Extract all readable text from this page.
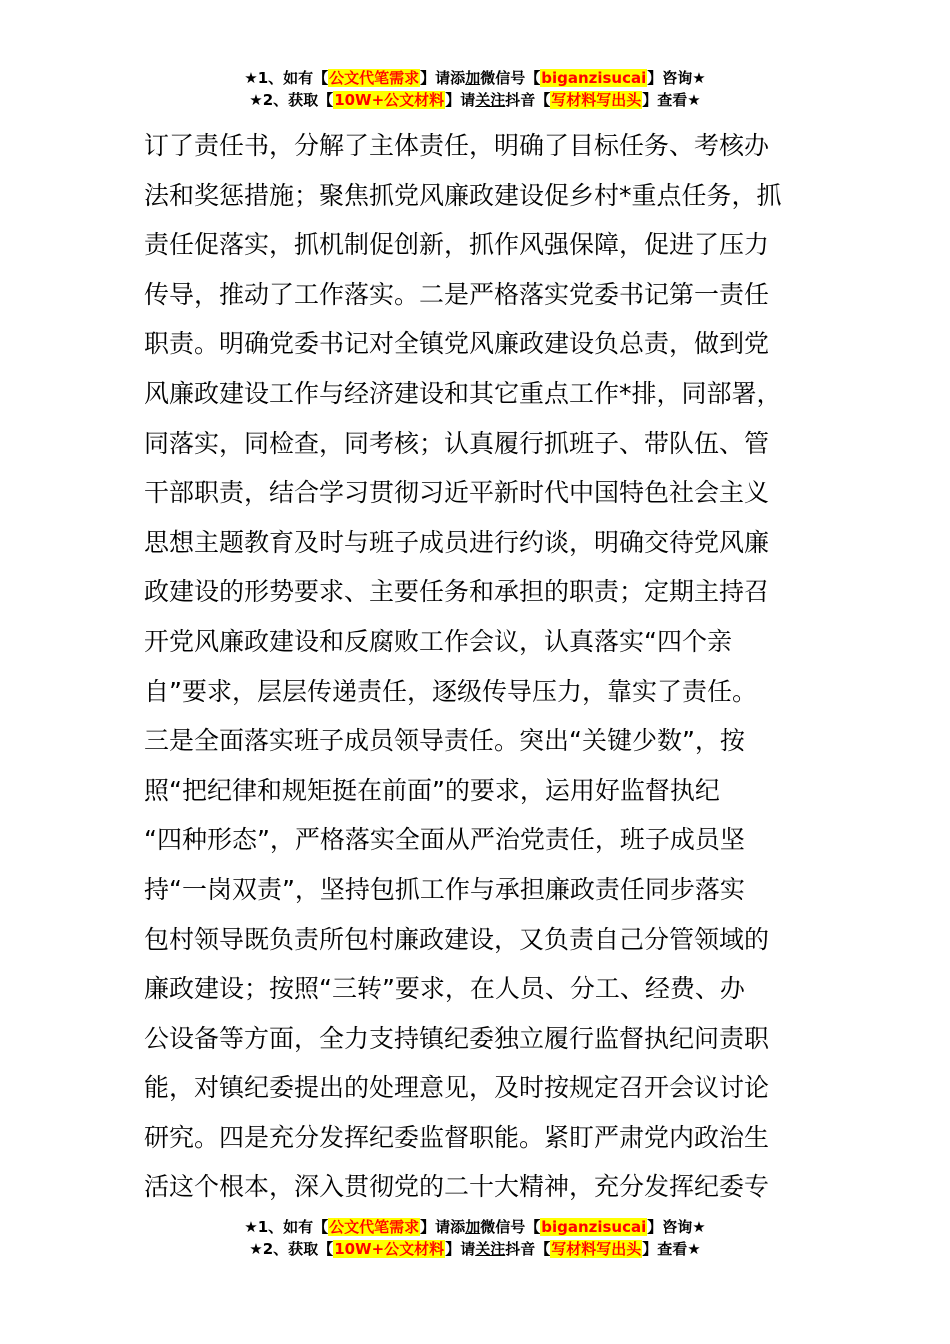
★1、如有【公文代笔需求】请添加微信号【biganzisucai】咨询★
★2、获取【10W+公文材料】请关注抖音【写材料写出头】查看★
订了责任书，分解了主体责任，明确了目标任务、考核办
法和奖惩措施；聚焦抓党风廉政建设促乡村*重点任务，抓
责任促落实，抓机制促创新，抓作风强保障，促进了压力
传导，推动了工作落实。二是严格落实党委书记第一责任
职责。明确党委书记对全镇党风廉政建设负总责，做到党
风廉政建设工作与经济建设和其它重点工作*排，同部署，
同落实，同检查，同考核；认真履行抓班子、带队伍、管
干部职责，结合学习贯彻习近平新时代中国特色社会主义
思想主题教育及时与班子成员进行约谈，明确交待党风廉
政建设的形势要求、主要任务和承担的职责；定期主持召
开党风廉政建设和反腐败工作会议，认真落实“四个亲
自”要求，层层传递责任，逐级传导压力，靠实了责任。
三是全面落实班子成员领导责任。突出“关键少数”，按
照“把纪律和规矩挺在前面”的要求，运用好监督执纪
“四种形态”，严格落实全面从严治党责任，班子成员坚
持“一岗双责”，坚持包抓工作与承担廉政责任同步落实
包村领导既负责所包村廉政建设，又负责自己分管领域的
廉政建设；按照“三转”要求，在人员、分工、经费、办
公设备等方面，全力支持镇纪委独立履行监督执纪问责职
能，对镇纪委提出的处理意见，及时按规定召开会议讨论
研究。四是充分发挥纪委监督职能。紧盯严肃党内政治生
活这个根本，深入贯彻党的二十大精神，充分发挥纪委专
★1、如有【公文代笔需求】请添加微信号【biganzisucai】咨询★
★2、获取【10W+公文材料】请关注抖音【写材料写出头】查看★
